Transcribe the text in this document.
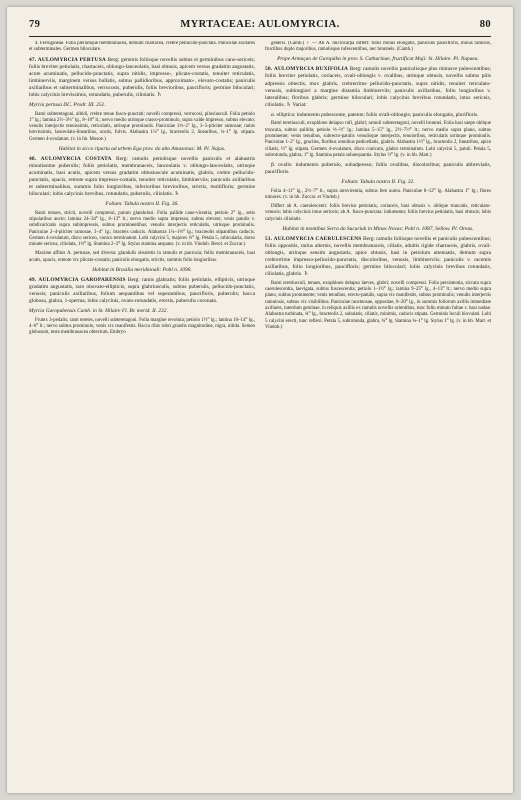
79	MYRTACEAE: AULOMYRCIA.	80

4. Ferrugineae. Folia plerumque membranacea, demum chartacea, crebre pellucido-punctata. Paniculae axillares et subterminales. Germen biloculare.

47. AULOMYRCIA PERTUSA Berg: gemmis foliisque novellis subtus et germinibus cano-sericeis; foliis breviter petiolatis, chartaceis, oblongo-lanceolatis, basi obtusis, apicem versus gradatim angustatis, acute acuminatis, pellucido-punctatis, supra nitidis, impresso-, plicato-costatis, tenuiter reticulatis, limbinerviis, marginem versus bullatis, subtus pallidioribus, approximato-, elevato-costatis; paniculis axillaribus et subterminalibus, verrucosis, puberulis, foliis brevioribus, paucifloris; germine biloculari; lobis calycinis brevissimis, rotundatis, puberulis, ciliolatis. ♄

Myrcia pertusa DC. Prodr. III. 251.

Rami subteretagoni, albidi, crebre tenue fusco-punctati; novelli compressi, verrucosi, pilosiusculi. Folia petiolo 1‴ lg.; lamina 2½–3⅓″ lg., 8–10‴ lt.; nervo medio utrinque crasso-prominulo, supra valde impresso, subtus elevato; venulis interjectis tenuissimis, reticulatis, utrinque prominulis. Paniculae 1⅓–2″ lg., 3–5-pliciter ramosae; ramis brevissimis, lanceolato-linearibus, acutis, fulvis. Alabastra 1¼‴ lg., bracteolis 2, linearibus, ¼–1‴ lg. stipata. Germen 4-ovulatum. (v. in hb. Mosoe.)

Habitat in sicco riparia ad urbem Ega prov. do alto Amazonas: M. Pl. Najas.

48. AULOMYRCIA COSTATA Berg: ramulis petiolisque novellis paniculis et alabastris minutissime puberulis; foliis petiolatis, membranaceis, lanceolatis v. oblongo-lanceolatis, utrinque acuminatis, basi acutis, apicem versus gradatim obtusiuscule acuminatis, glabris, crebre pellucido-punctatis, opacis, remote supra impresso-costatis, tenuiter reticulatis, limbinerviis; paniculis axillaribus et subterminalibus, summis folio longioribus, inferioribus brevioribus, strictis, multifloris; germine biloculari; lobis calycinis brevibus, rotundatis, puberulis, ciliolatis. ♄

Folium: Tabula nostra II. Fig. 36.

Rami tenues, stricti, novelli compressi, parum glandulosi. Folia pallide cano-virentia; petiolo 2‴ lg., setis stipularibus aucto; lamina 24–34‴ lg., 6–13‴ lt.; nervo medio supra impresso, subtus elevato; venis patulis v. subdivaricatis supra subimpressis, subtus prominentibus; venulis interjectis reticulatis, utrinque prominulis. Paniculae 2–4-pliciter ramosae, 3–4″ lg.; bracteis caducis. Alabastra 1¼–1⅓‴ lg.; bracteolis stipantibus caducis. Germen 4-ovulatum, disco sericeo, conico terminatum. Lobi calycini 5, majores ⅓‴ lg. Petala 5, orbicularia, dorso minute sericea, ciliolata, 1⅓‴ lg. Stamina 2–3‴ lg. Stylus stamina aequans. (v. in hb. Vindob. Berol. et Zuccar.)

Maxime affinis A. pertusae, sed diversa: glandulis obsoletis in ramulis et panicula; foliis membranaceis, basi acutis, opacis, remote vix plicato-costatis; paniculis elongatis, strictis, summis folio longioribus.

Habitat in Brasilia meridionali: Pohl n. 1090.

49. AULOMYRCIA GAROPARENSIS Berg: ramis glabratis; foliis petiolatis, ellipticis, utrinque gradatim angustatis, raro obovato-ellipticis, supra glabriusculis, subtus puberulis, pellucido-punctatis, venosis; paniculis axillaribus, folium aequantibus vel superantibus, paucifloris, puberulis; bacca globosa, glabra, 1-sperma, lobis calycinis, ovato-rotundatis, erectis, puberulis coronata.

Myrcia Garopabensis Camb. in St. Hilaire Fl. Br. merid. II. 232.

Frutex 3-pedalis; rami teretes, novelli subteretagoni. Folia margine revoluta; petiolo 1½‴ lg.; lamina 10–14‴ lg., 4–6‴ lt.; nervo subtus prominulo, venis vix manifestis. Bacca ribis rubri grandis magnitudine, nigra, nitida. Semen globosum, testa membranacea obtectum. Embryo

generis. (Camb.) ♀ — Ab A. microcarpa differt: foliis minus elongatis, paniculis paucifloris, minus ramosis, fructibus duplo majoribus, ramulisque rufescentibus, nec brunneis. (Camb.)

Prope Armaçao de Garopába in prov. S. Catharinae, fructificat Maji: St. Hilaire. Pl. Napaea.

50. AULOMYRCIA BUXIFOLIA Berg: ramulis novellis paniculisque plus minusve pubescentibus; foliis breviter petiolatis, coriaceis, ovali-oblongis v. ovalibus, utrinque obtusis, novellis subtus pilis adpressis obtectis, mox glabris, crebrerrime pellucido-punctatis, supra nitidis, tenuiter reticulato-venosis, sublongiori a margine distantia limbinerviis; paniculis axillaribus, folio longioribus v. lateralibus; floribus glabris; germine biloculari; lobis calycinis brevibus rotundatis, intus sericeis, ciliolatis. ♄ Variat:

α. elliptica: indumento pubescente, patente; foliis ovali-oblongis; paniculis elongatis, plurifloris.

Rami teretiusculi, exophloeo delapso rufi, glabri; ramuli subteretagoni, novelli brunnei. Folia basi saepe oblique truncata, subtus pallida; petiolo ⅓–⅔‴ lg.; lamina 5–15‴ lg., 2½–7½‴ lt.; nervo medio supra plano, subtus prominente; venis tenuibus, subrecto-patulis venulisque interjectis, tenuioribus, reticulatis utrinque prominulis. Paniculae 1–2″ lg., graciles, floribus omnibus pedicellatis, glabris. Alabastra 1⅓‴ lg., bracteolis 2, linearibus, apice ciliatis, ⅓‴ lg. stipata. Germen 4-ovulatum, disco conicum, glabro terminatum. Lobi calycini 5, patuli. Petala 5, subrotunda, glabra, 1‴ lg. Stamina petala subaequantia. Stylus ⅔‴ lg. (v. in hb. Mart.)

β. ovalis: indumento puberulo, subadpresso; foliis ovalibus, discoloribus; paniculis abbreviatis, paucifloris.

Folium: Tabula nostra II. Fig. 32.

Folia 4–11‴ lg., 2½–7‴ lt., supra atrovirentia, subtus fere aurea. Paniculae 8–12‴ lg. Alabastra 1‴ lg.; flores minores. (v. in hb. Zuccar. et Vindob.)

Differt ab A. caerulescenti: foliis brevius petiolatis, coriaceis, basi obtusis v. oblique truncatis, reticulato-venosis; lobis calycinis intus sericeis; ab A. fusco-punctata: indumento; foliis brevius petiolatis, basi obtusis; lobis calycinis ciliolatis.

Habitat in montibus Serra do Sucuriuh in Minas Novas: Pohl n. 1087, Sellow. Pl. Oreas.

51. AULOMYRCIA CAERULESCENS Berg: ramulis foliisque novellis et paniculis pubescentibus; foliis oppositis, rarius alternis, novellis membranaceis, ciliatis, adultis rigide chartaceis, glabris, ovali-oblongis, utrinque sensim angustatis, apice obtusis, basi in petiolum attenuatis, demum supra crebrerrime impresso-pellucido-punctatis, discoloribus, venosis, limbinerviis; paniculis v. racemis axillaribus, folio longioribus, paucifloris; germine biloculari; lobis calycinis brevibus rotundatis, ciliolatis, glabris. ♄

Rami teretiusculi, tenues, exophloeo delapso laeves, glabri; novelli compressi. Folia persistentia, siccata supra caerulescentia, laevigata, subtus fuscescentia; petiolo 1–1½‴ lg.; lamina 9–25‴ lg., 4–13‴ lt.; nervo medio supra plano, subtus prominente; venis tenuibus, erecto-patulis, supra vix manifestis, subtus prominulis; venulis interjectis ramulosis, subtus vix visibilibus. Paniculae racemosae, oppositae, 8–20‴ lg., in summis foliorum axillis immediate axillares, interdum geminae, in reliquis axillis ex ramulis novellis orientibus, tunc folio minuto fultae v. basi nudae. Alabastra turbinata, ¾‴ lg., bracteolis 2, subulatis, ciliatis, minimis, caducis stipata. Germinis loculi biovulati. Lobi 5 calycini erecti, tunc reflexi. Petala 5, subrotunda, glabra, ¾‴ lg. Stamina ¾–1‴ lg. Stylus 1‴ lg. (v. in hb. Mart. et Vindob.)
